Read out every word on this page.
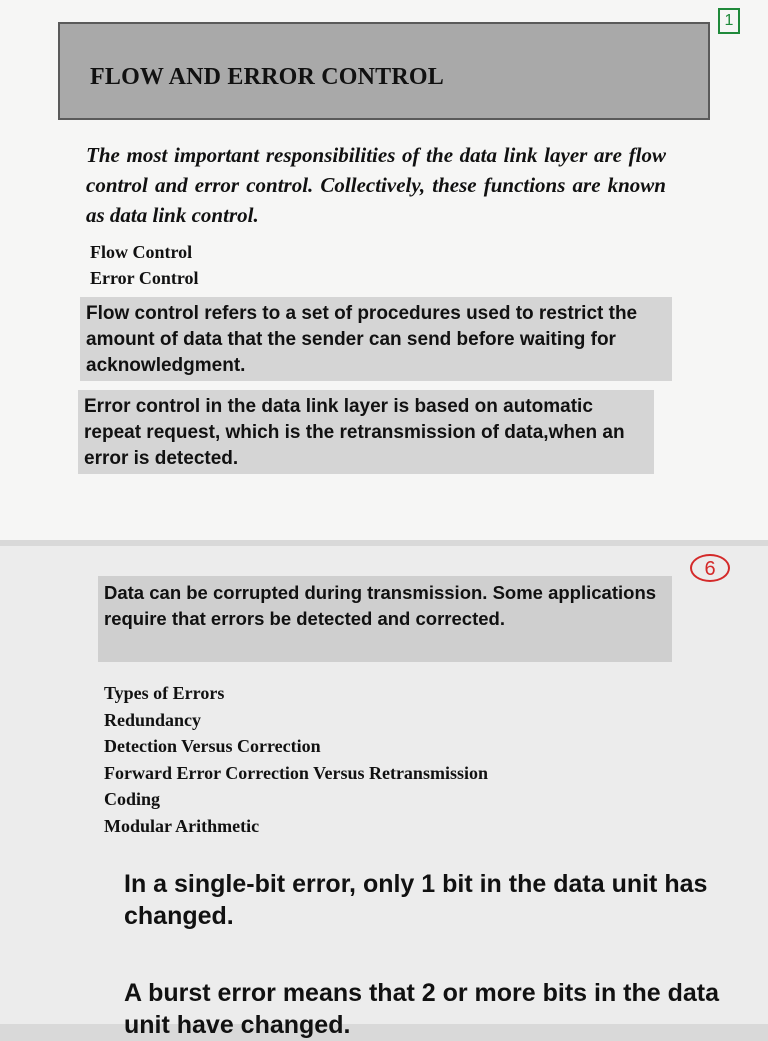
FLOW AND ERROR CONTROL
1
The most important responsibilities of the data link layer are flow control and error control. Collectively, these functions are known as data link control.
Flow Control
Error Control
Flow control refers to a set of procedures used to restrict the amount of data that the sender can send before waiting for acknowledgment.
Error control in the data link layer is based on automatic repeat request, which is the retransmission of data,when an error is detected.
6
Data can be corrupted during transmission. Some applications require that errors be detected and corrected.
Types of Errors
Redundancy
Detection Versus Correction
Forward Error Correction Versus Retransmission
Coding
Modular Arithmetic
In a single-bit error, only 1 bit in the data unit has changed.
A burst error means that 2 or more bits in the data unit have changed.
